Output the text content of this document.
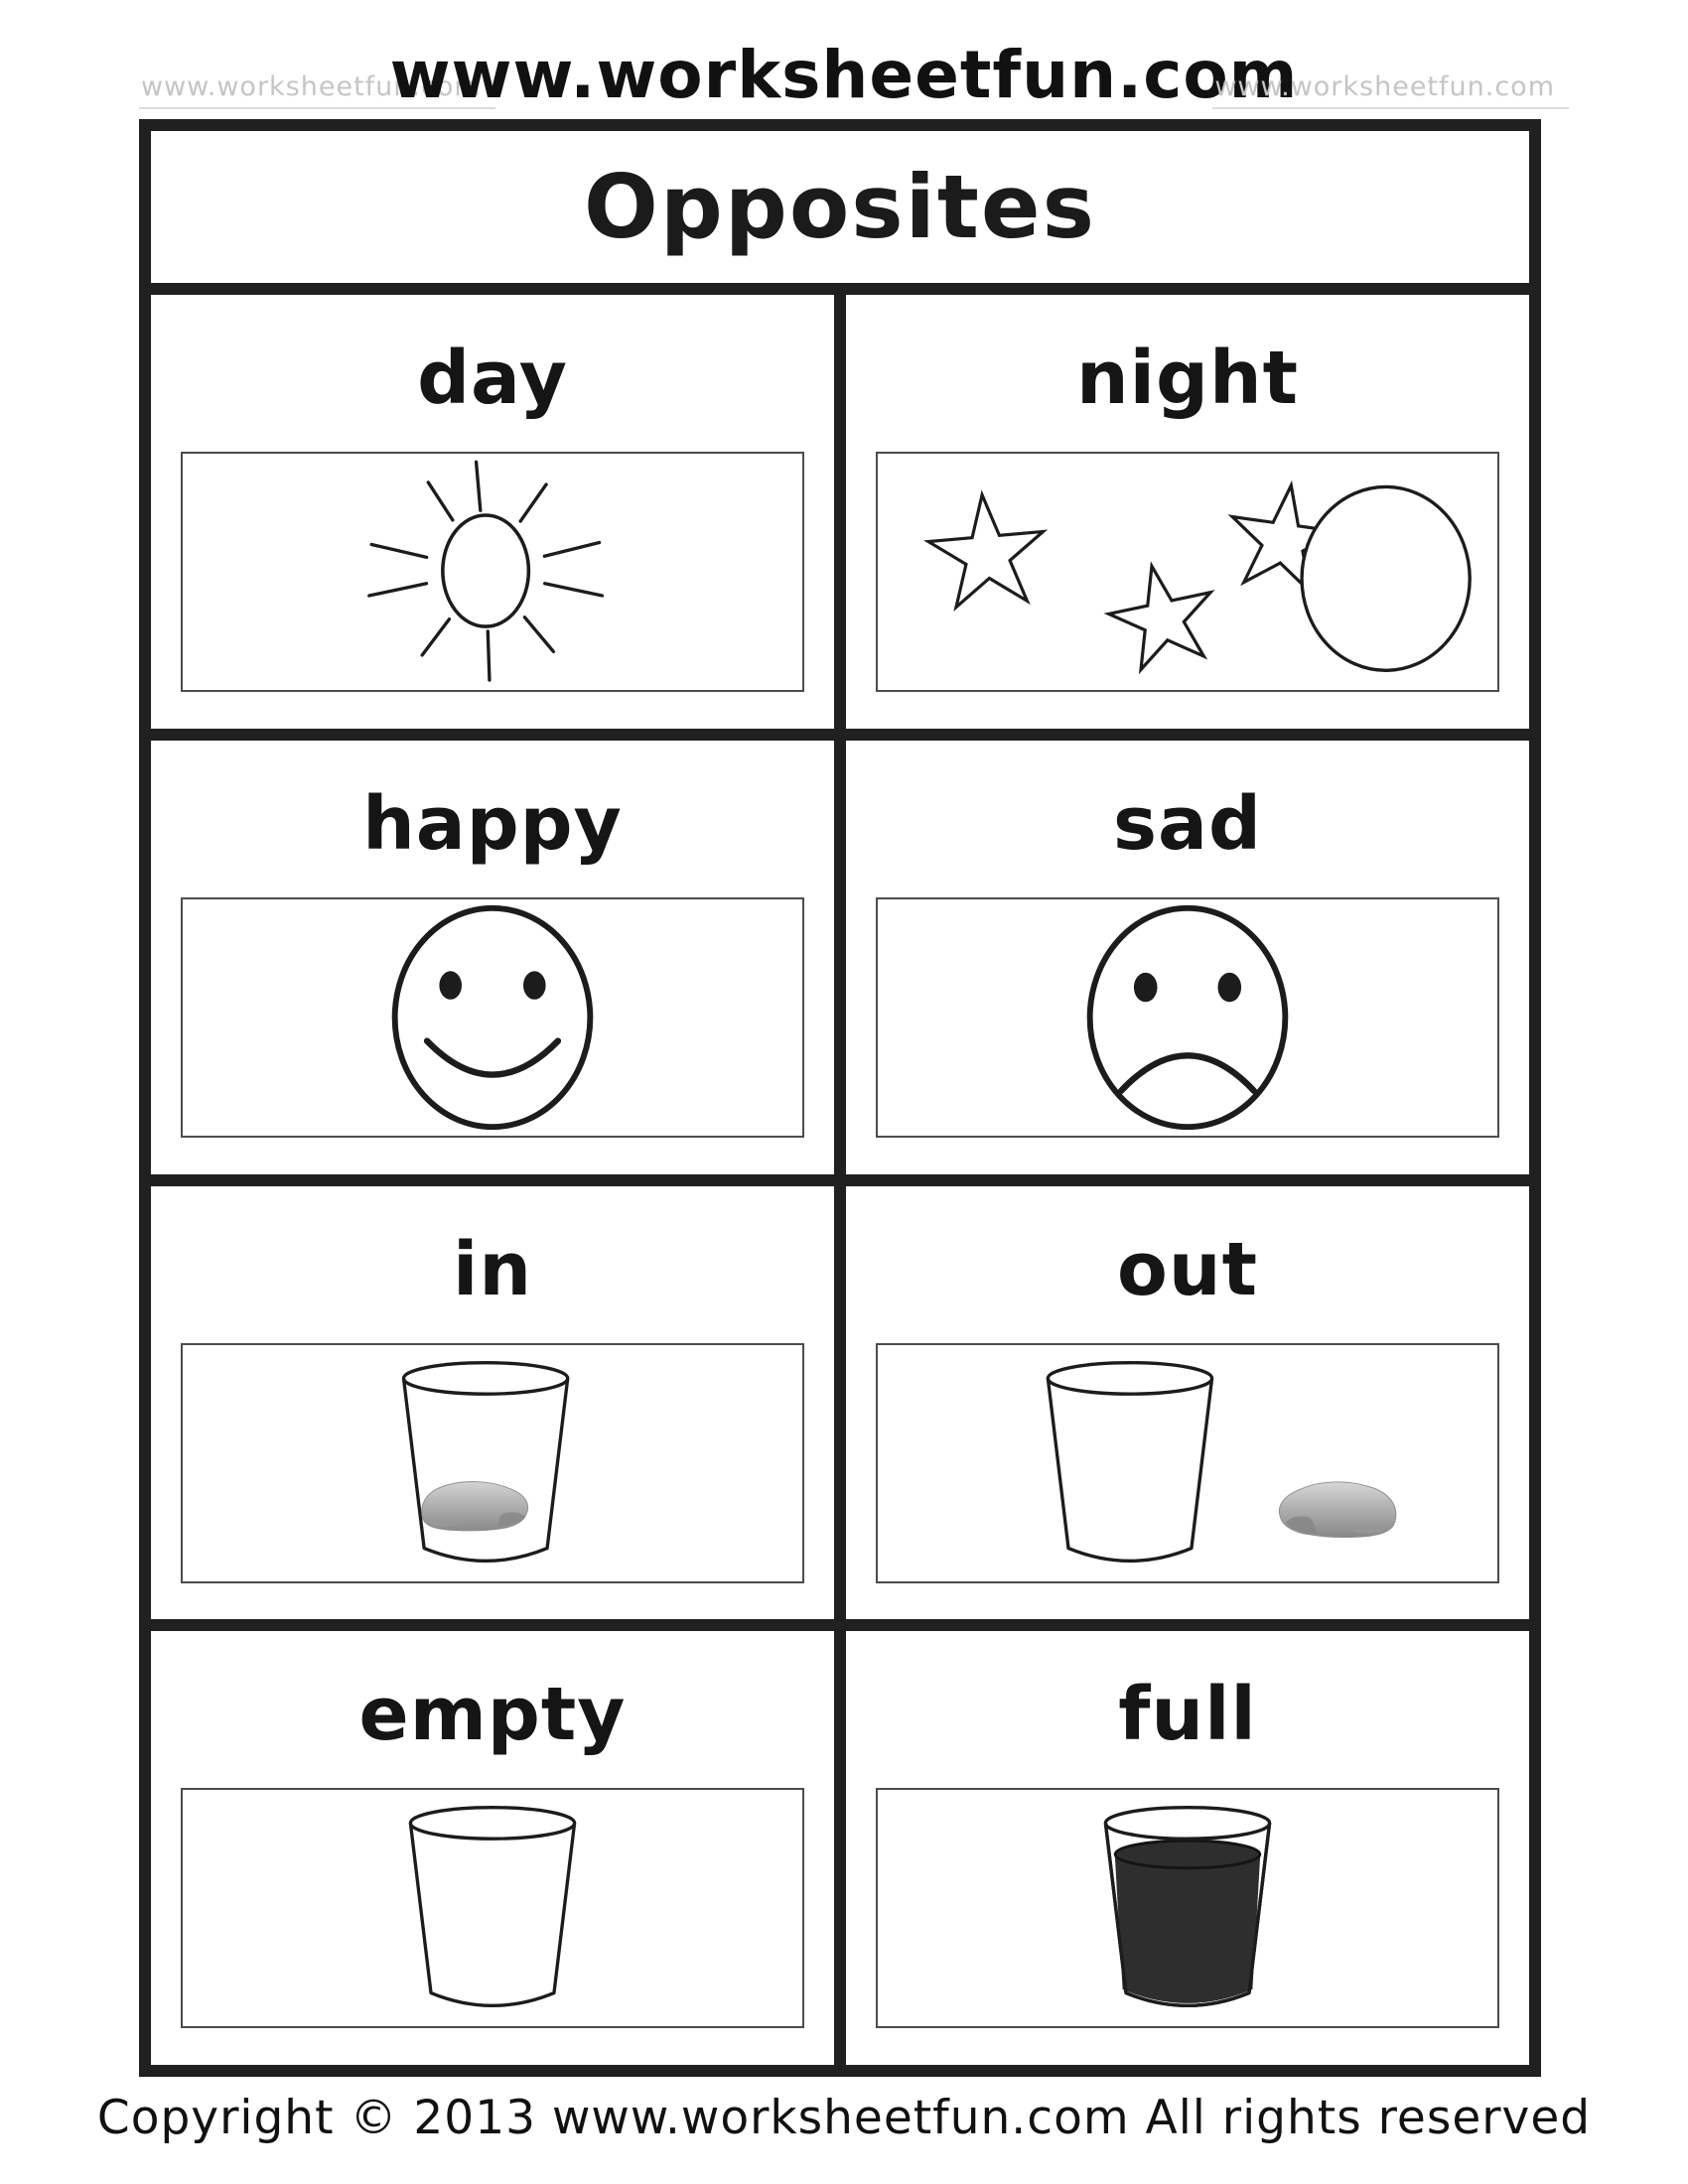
www.worksheetfun.com
www.worksheetfun.com
www.worksheetfun.com
Opposites
day	night
happy	sad
in	out
empty	full
Copyright © 2013 www.worksheetfun.com All rights reserved
